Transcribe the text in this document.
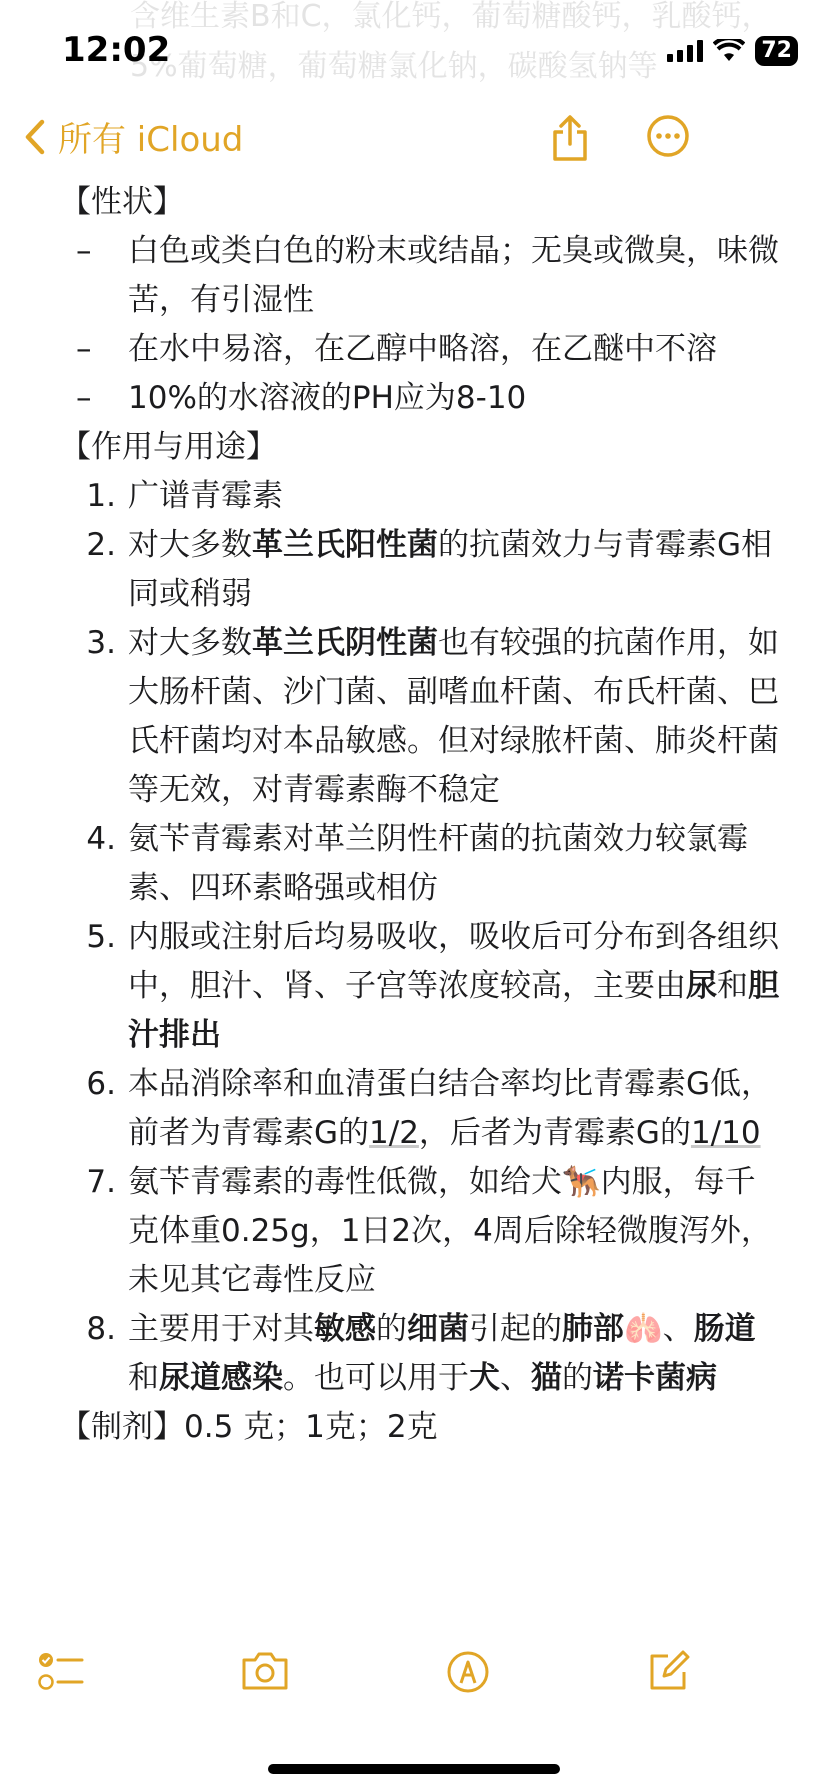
含维生素B和C，氯化钙，葡萄糖酸钙，乳酸钙，5%葡萄糖，葡萄糖氯化钠，碳酸氢钠等
12:02	72
所有 iCloud
【性状】
–	白色或类白色的粉末或结晶；无臭或微臭，味微苦，有引湿性
–	在水中易溶，在乙醇中略溶，在乙醚中不溶
–	10%的水溶液的PH应为8-10
【作用与用途】
1. 广谱青霉素
2. 对大多数革兰氏阳性菌的抗菌效力与青霉素G相同或稍弱
3. 对大多数革兰氏阴性菌也有较强的抗菌作用，如大肠杆菌、沙门菌、副嗜血杆菌、布氏杆菌、巴氏杆菌均对本品敏感。但对绿脓杆菌、肺炎杆菌等无效，对青霉素酶不稳定
4. 氨苄青霉素对革兰阴性杆菌的抗菌效力较氯霉素、四环素略强或相仿
5. 内服或注射后均易吸收，吸收后可分布到各组织中，胆汁、肾、子宫等浓度较高，主要由尿和胆汁排出
6. 本品消除率和血清蛋白结合率均比青霉素G低，前者为青霉素G的1/2，后者为青霉素G的1/10
7. 氨苄青霉素的毒性低微，如给犬🐕‍🦺内服，每千克体重0.25g，1日2次，4周后除轻微腹泻外，未见其它毒性反应
8. 主要用于对其敏感的细菌引起的肺部🫁、肠道和尿道感染。也可以用于犬、猫的诺卡菌病
【制剂】0.5 克；1克；2克
